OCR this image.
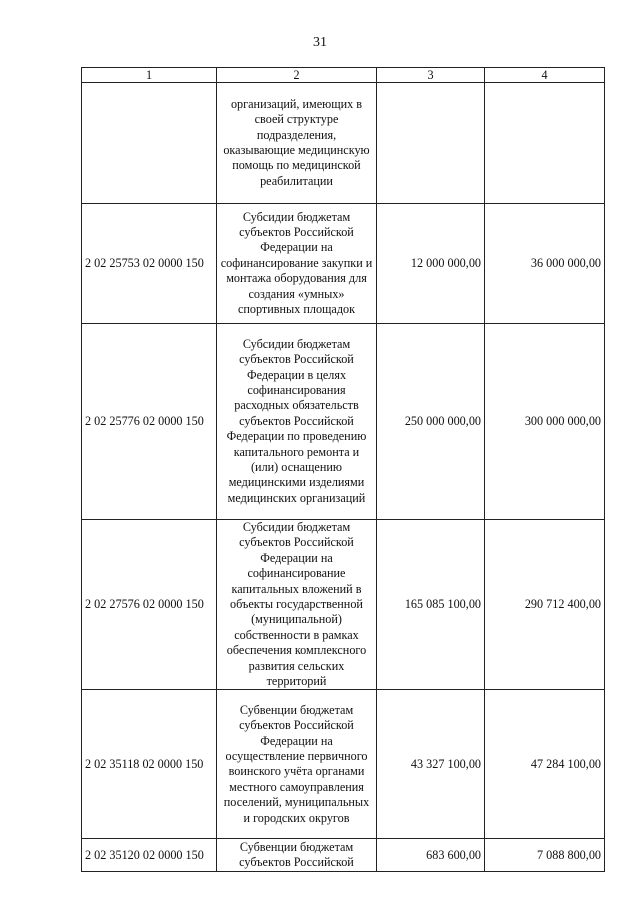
31
1	2	3	4
	организаций, имеющих в своей структуре подразделения, оказывающие медицинскую помощь по медицинской реабилитации		
2 02 25753 02 0000 150	Субсидии бюджетам субъектов Российской Федерации на софинансирование закупки и монтажа оборудования для создания «умных» спортивных площадок	12 000 000,00	36 000 000,00
2 02 25776 02 0000 150	Субсидии бюджетам субъектов Российской Федерации в целях софинансирования расходных обязательств субъектов Российской Федерации по проведению капитального ремонта и (или) оснащению медицинскими изделиями медицинских организаций	250 000 000,00	300 000 000,00
2 02 27576 02 0000 150	Субсидии бюджетам субъектов Российской Федерации на софинансирование капитальных вложений в объекты государственной (муниципальной) собственности в рамках обеспечения комплексного развития сельских территорий	165 085 100,00	290 712 400,00
2 02 35118 02 0000 150	Субвенции бюджетам субъектов Российской Федерации на осуществление первичного воинского учёта органами местного самоуправления поселений, муниципальных и городских округов	43 327 100,00	47 284 100,00
2 02 35120 02 0000 150	Субвенции бюджетам субъектов Российской	683 600,00	7 088 800,00
